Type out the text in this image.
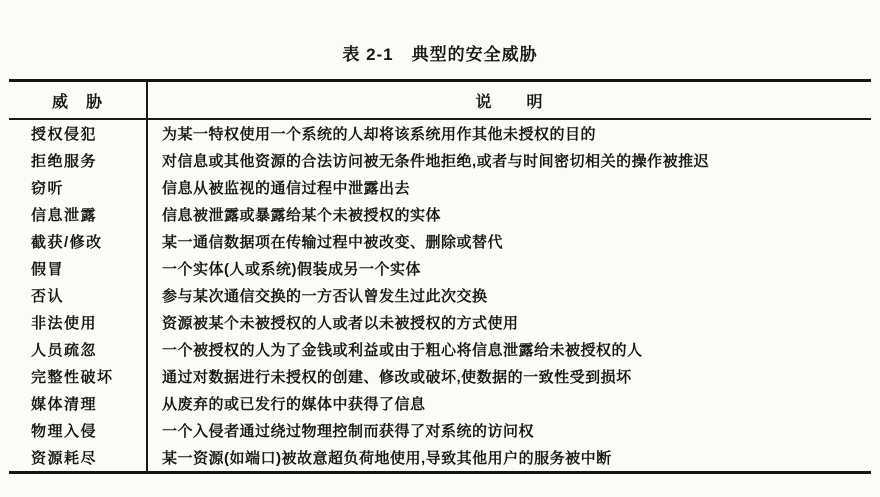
表 2-1　典型的安全威胁
威　胁	说　　明
授权侵犯	为某一特权使用一个系统的人却将该系统用作其他未授权的目的
拒绝服务	对信息或其他资源的合法访问被无条件地拒绝,或者与时间密切相关的操作被推迟
窃听	信息从被监视的通信过程中泄露出去
信息泄露	信息被泄露或暴露给某个未被授权的实体
截获/修改	某一通信数据项在传输过程中被改变、删除或替代
假冒	一个实体(人或系统)假装成另一个实体
否认	参与某次通信交换的一方否认曾发生过此次交换
非法使用	资源被某个未被授权的人或者以未被授权的方式使用
人员疏忽	一个被授权的人为了金钱或利益或由于粗心将信息泄露给未被授权的人
完整性破坏	通过对数据进行未授权的创建、修改或破坏,使数据的一致性受到损坏
媒体清理	从废弃的或已发行的媒体中获得了信息
物理入侵	一个入侵者通过绕过物理控制而获得了对系统的访问权
资源耗尽	某一资源(如端口)被故意超负荷地使用,导致其他用户的服务被中断
